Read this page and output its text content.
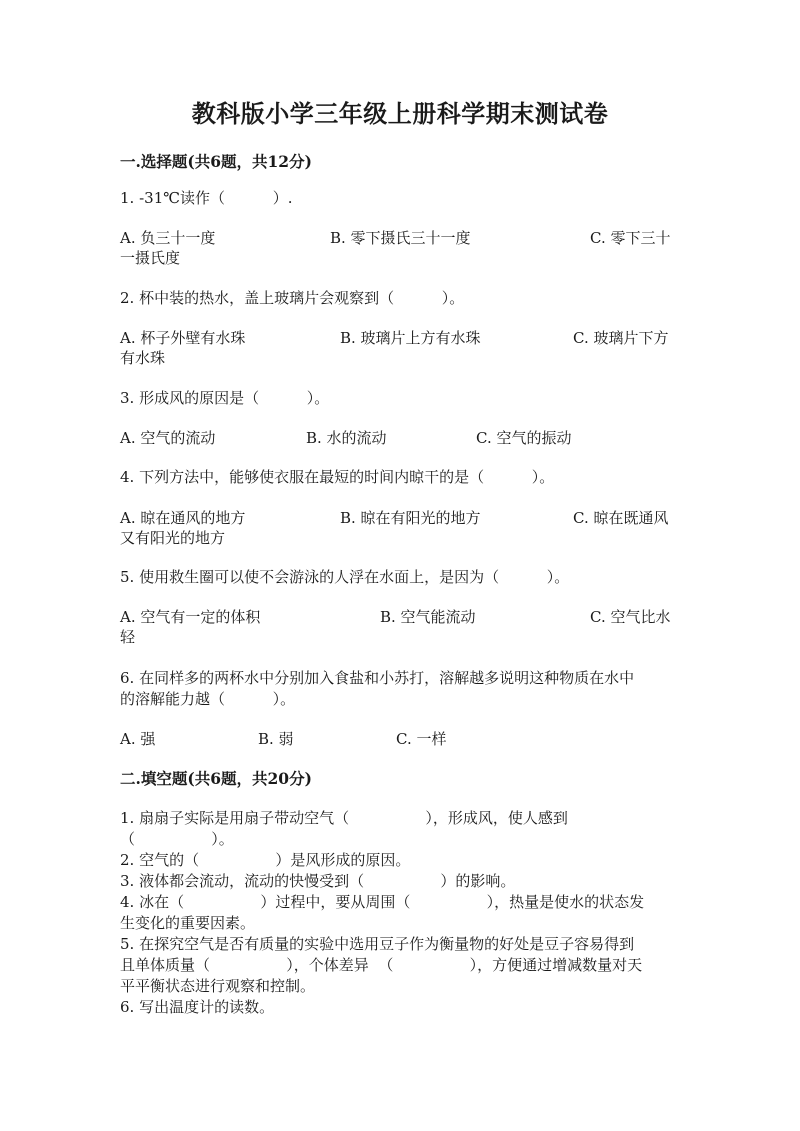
教科版小学三年级上册科学期末测试卷
一.选择题(共6题，共12分)
1. -31℃读作（          ）.
A. 负三十一度	B. 零下摄氏三十一度	C. 零下三十
一摄氏度
2. 杯中装的热水，盖上玻璃片会观察到（          ）。
A. 杯子外壁有水珠	B. 玻璃片上方有水珠	C. 玻璃片下方
有水珠
3. 形成风的原因是（          ）。
A. 空气的流动	B. 水的流动	C. 空气的振动
4. 下列方法中，能够使衣服在最短的时间内晾干的是（          ）。
A. 晾在通风的地方	B. 晾在有阳光的地方	C. 晾在既通风
又有阳光的地方
5. 使用救生圈可以使不会游泳的人浮在水面上，是因为（          ）。
A. 空气有一定的体积	B. 空气能流动	C. 空气比水
轻
6. 在同样多的两杯水中分别加入食盐和小苏打，溶解越多说明这种物质在水中
的溶解能力越（          ）。
A. 强	B. 弱	C. 一样
二.填空题(共6题，共20分)
1. 扇扇子实际是用扇子带动空气（                ），形成风，使人感到
（                ）。
2. 空气的（                ）是风形成的原因。
3. 液体都会流动，流动的快慢受到（                ）的影响。
4. 冰在（                ）过程中，要从周围（                ），热量是使水的状态发
生变化的重要因素。
5. 在探究空气是否有质量的实验中选用豆子作为衡量物的好处是豆子容易得到
且单体质量（                ），个体差异  （                ），方便通过增减数量对天
平平衡状态进行观察和控制。
6. 写出温度计的读数。
